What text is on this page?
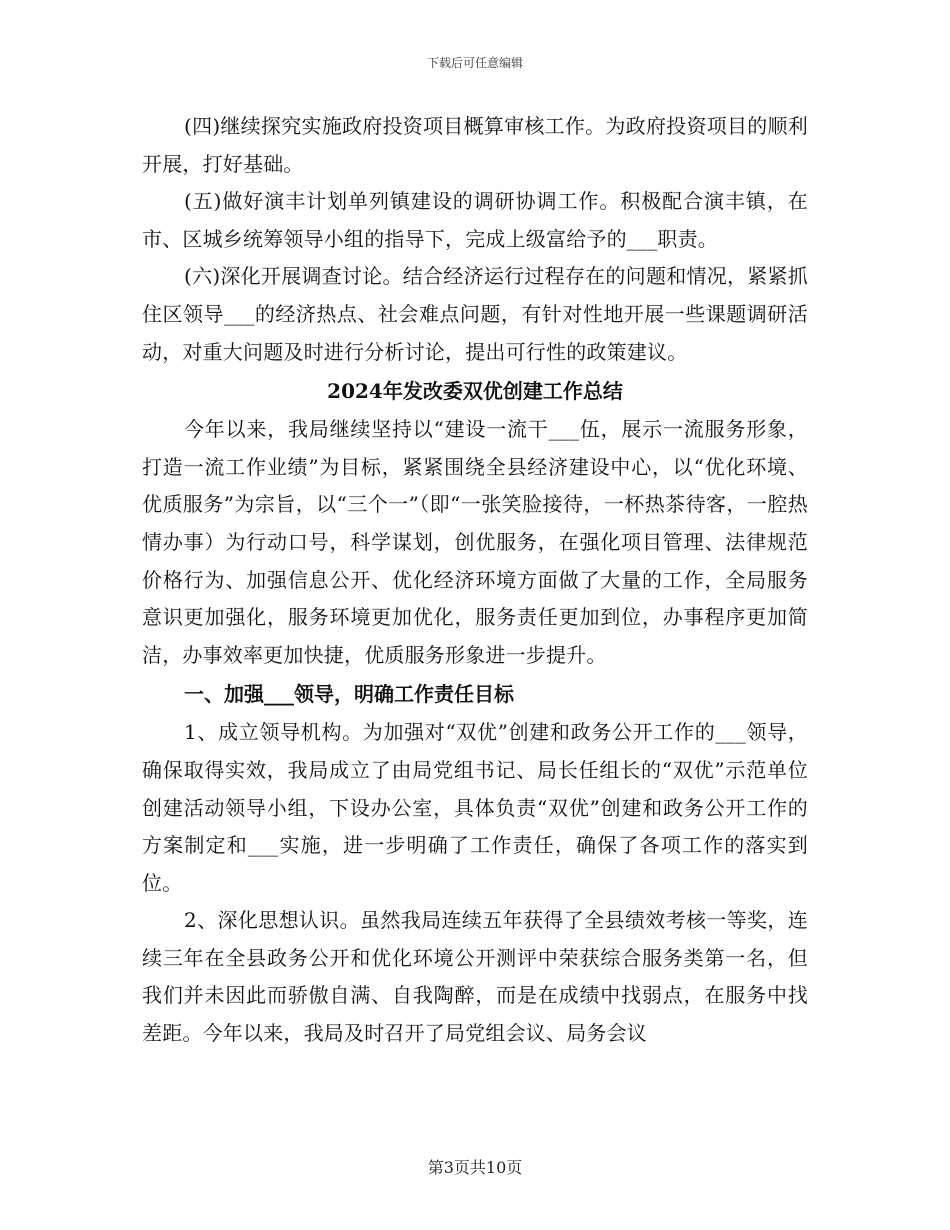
下载后可任意编辑

(四)继续探究实施政府投资项目概算审核工作。为政府投资项目的顺利开展，打好基础。

(五)做好演丰计划单列镇建设的调研协调工作。积极配合演丰镇，在市、区城乡统筹领导小组的指导下，完成上级富给予的___职责。

(六)深化开展调查讨论。结合经济运行过程存在的问题和情况，紧紧抓住区领导___的经济热点、社会难点问题，有针对性地开展一些课题调研活动，对重大问题及时进行分析讨论，提出可行性的政策建议。

2024年发改委双优创建工作总结

今年以来，我局继续坚持以“建设一流干___伍，展示一流服务形象，打造一流工作业绩”为目标，紧紧围绕全县经济建设中心，以“优化环境、优质服务”为宗旨，以“三个一”（即“一张笑脸接待，一杯热茶待客，一腔热情办事）为行动口号，科学谋划，创优服务，在强化项目管理、法律规范价格行为、加强信息公开、优化经济环境方面做了大量的工作，全局服务意识更加强化，服务环境更加优化，服务责任更加到位，办事程序更加简洁，办事效率更加快捷，优质服务形象进一步提升。

一、加强___领导，明确工作责任目标

1、成立领导机构。为加强对“双优”创建和政务公开工作的___领导，确保取得实效，我局成立了由局党组书记、局长任组长的“双优”示范单位创建活动领导小组，下设办公室，具体负责“双优”创建和政务公开工作的方案制定和___实施，进一步明确了工作责任，确保了各项工作的落实到位。

2、深化思想认识。虽然我局连续五年获得了全县绩效考核一等奖，连续三年在全县政务公开和优化环境公开测评中荣获综合服务类第一名，但我们并未因此而骄傲自满、自我陶醉，而是在成绩中找弱点，在服务中找差距。今年以来，我局及时召开了局党组会议、局务会议

第3页共10页
